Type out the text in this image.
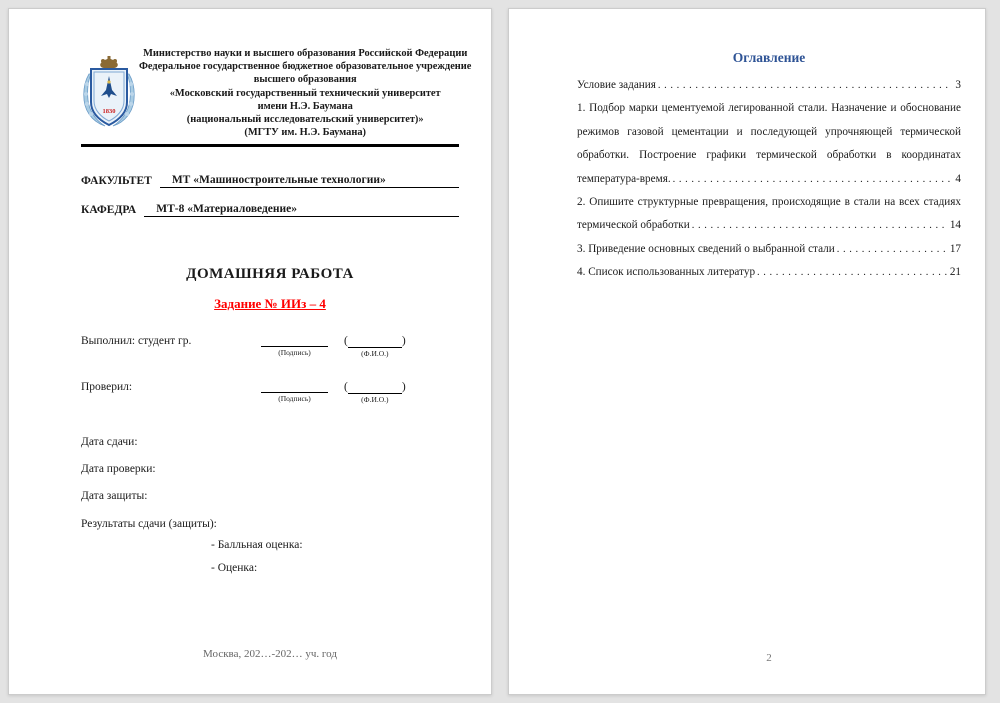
1830
Министерство науки и высшего образования Российской Федерации
Федеральное государственное бюджетное образовательное учреждение
высшего образования
«Московский государственный технический университет
имени Н.Э. Баумана
(национальный исследовательский университет)»
(МГТУ им. Н.Э. Баумана)
ФАКУЛЬТЕТ	МТ «Машиностроительные технологии»
КАФЕДРА	МТ-8 «Материаловедение»
ДОМАШНЯЯ РАБОТА
Задание № ИИз – 4
Выполнил: студент гр.
(Подпись)
(
)	(Ф.И.О.)
Проверил:
(Подпись)
(
)	(Ф.И.О.)
Дата сдачи:
Дата проверки:
Дата защиты:
Результаты сдачи (защиты):
- Балльная оценка:
- Оценка:
Москва, 202…-202… уч. год
Оглавление
Условие задания . . .	3
1. Подбор марки цементуемой легированной стали. Назначение и обоснование
режимов газовой цементации и последующей упрочняющей термической
обработки. Построение графики термической обработки в координатах
температура-время. . . .	4
2. Опишите структурные превращения, происходящие в стали на всех стадиях
термической обработки . . .	14
3. Приведение основных сведений о выбранной стали . . .	17
4. Список использованных литератур . . .	21
2
